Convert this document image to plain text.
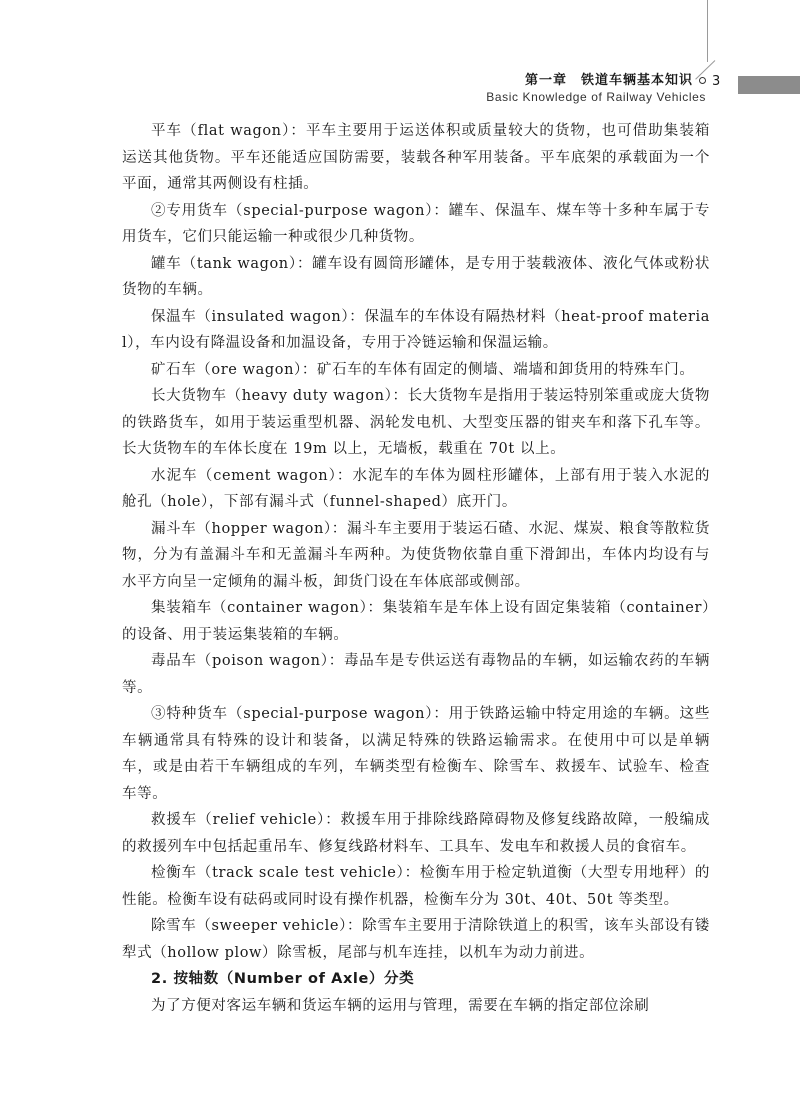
第一章　铁道车辆基本知识
Basic Knowledge of Railway Vehicles
3

平车（flat wagon）：平车主要用于运送体积或质量较大的货物，也可借助集装箱运送其他货物。平车还能适应国防需要，装载各种军用装备。平车底架的承载面为一个平面，通常其两侧设有柱插。

②专用货车（special-purpose wagon）：罐车、保温车、煤车等十多种车属于专用货车，它们只能运输一种或很少几种货物。

罐车（tank wagon）：罐车设有圆筒形罐体，是专用于装载液体、液化气体或粉状货物的车辆。

保温车（insulated wagon）：保温车的车体设有隔热材料（heat-proof material），车内设有降温设备和加温设备，专用于冷链运输和保温运输。

矿石车（ore wagon）：矿石车的车体有固定的侧墙、端墙和卸货用的特殊车门。

长大货物车（heavy duty wagon）：长大货物车是指用于装运特别笨重或庞大货物的铁路货车，如用于装运重型机器、涡轮发电机、大型变压器的钳夹车和落下孔车等。长大货物车的车体长度在 19m 以上，无墙板，载重在 70t 以上。

水泥车（cement wagon）：水泥车的车体为圆柱形罐体，上部有用于装入水泥的舱孔（hole），下部有漏斗式（funnel-shaped）底开门。

漏斗车（hopper wagon）：漏斗车主要用于装运石碴、水泥、煤炭、粮食等散粒货物，分为有盖漏斗车和无盖漏斗车两种。为使货物依靠自重下滑卸出，车体内均设有与水平方向呈一定倾角的漏斗板，卸货门设在车体底部或侧部。

集装箱车（container wagon）：集装箱车是车体上设有固定集装箱（container）的设备、用于装运集装箱的车辆。

毒品车（poison wagon）：毒品车是专供运送有毒物品的车辆，如运输农药的车辆等。

③特种货车（special-purpose wagon）：用于铁路运输中特定用途的车辆。这些车辆通常具有特殊的设计和装备，以满足特殊的铁路运输需求。在使用中可以是单辆车，或是由若干车辆组成的车列，车辆类型有检衡车、除雪车、救援车、试验车、检查车等。

救援车（relief vehicle）：救援车用于排除线路障碍物及修复线路故障，一般编成的救援列车中包括起重吊车、修复线路材料车、工具车、发电车和救援人员的食宿车。

检衡车（track scale test vehicle）：检衡车用于检定轨道衡（大型专用地秤）的性能。检衡车设有砝码或同时设有操作机器，检衡车分为 30t、40t、50t 等类型。

除雪车（sweeper vehicle）：除雪车主要用于清除铁道上的积雪，该车头部设有镂犁式（hollow plow）除雪板，尾部与机车连挂，以机车为动力前进。

2. 按轴数（Number of Axle）分类

为了方便对客运车辆和货运车辆的运用与管理，需要在车辆的指定部位涂刷
